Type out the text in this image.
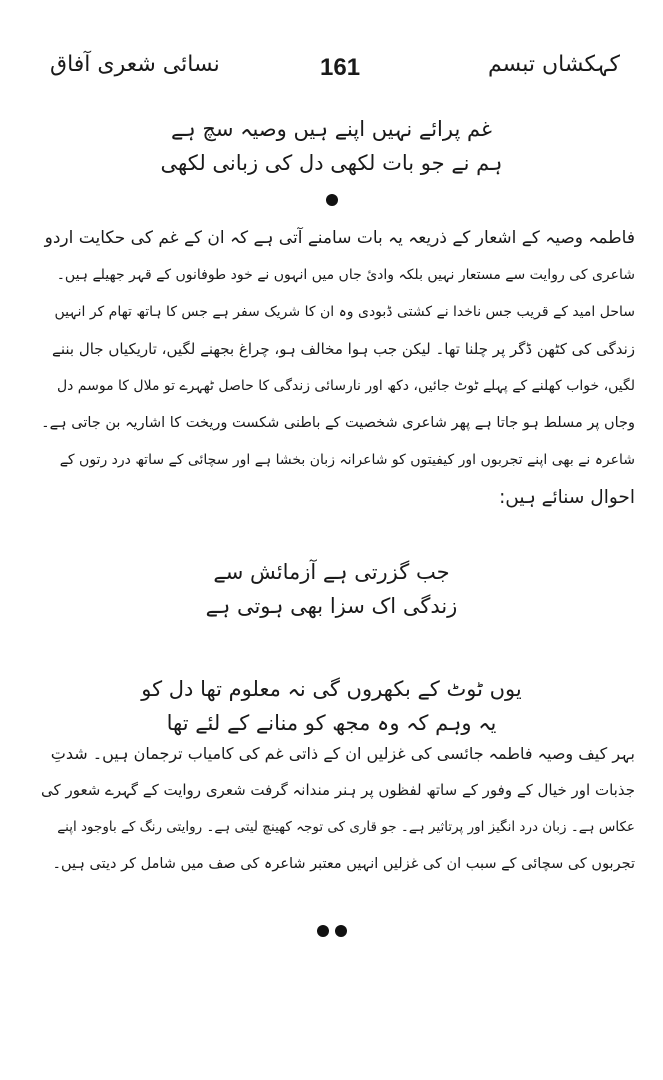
کہکشاں تبسم
161
نسائی شعری آفاق
غم پرائے نہیں اپنے ہیں وصیہ سچ ہے
ہم نے جو بات لکھی دل کی زبانی لکھی
فاطمہ وصیہ کے اشعار کے ذریعہ یہ بات سامنے آتی ہے کہ ان کے غم کی حکایت اردو
شاعری کی روایت سے مستعار نہیں بلکہ وادیٔ جاں میں انہوں نے خود طوفانوں کے قہر جھیلے ہیں۔
ساحل امید کے قریب جس ناخدا نے کشتی ڈبودی وہ ان کا شریک سفر ہے جس کا ہاتھ تھام کر انہیں
زندگی کی کٹھن ڈگر پر چلنا تھا۔ لیکن جب ہوا مخالف ہو، چراغ بجھنے لگیں، تاریکیاں جال بننے
لگیں، خواب کھلنے کے پہلے ٹوٹ جائیں، دکھ اور نارسائی زندگی کا حاصل ٹھہرے تو ملال کا موسم دل
وجاں پر مسلط ہو جاتا ہے پھر شاعری شخصیت کے باطنی شکست وریخت کا اشاریہ بن جاتی ہے۔
شاعرہ نے بھی اپنے تجربوں اور کیفیتوں کو شاعرانہ زبان بخشا ہے اور سچائی کے ساتھ درد رتوں کے
احوال سنائے ہیں:
جب گزرتی ہے آزمائش سے
زندگی اک سزا بھی ہوتی ہے
یوں ٹوٹ کے بکھروں گی نہ معلوم تھا دل کو
یہ وہم کہ وہ مجھ کو منانے کے لئے تھا
بہر کیف وصیہ فاطمہ جائسی کی غزلیں ان کے ذاتی غم کی کامیاب ترجمان ہیں۔ شدتِ
جذبات اور خیال کے وفور کے ساتھ لفظوں پر ہنر مندانہ گرفت شعری روایت کے گہرے شعور کی
عکاس ہے۔ زبان درد انگیز اور پرتاثیر ہے۔ جو قاری کی توجہ کھینچ لیتی ہے۔ روایتی رنگ کے باوجود اپنے
تجربوں کی سچائی کے سبب ان کی غزلیں انہیں معتبر شاعرہ کی صف میں شامل کر دیتی ہیں۔
